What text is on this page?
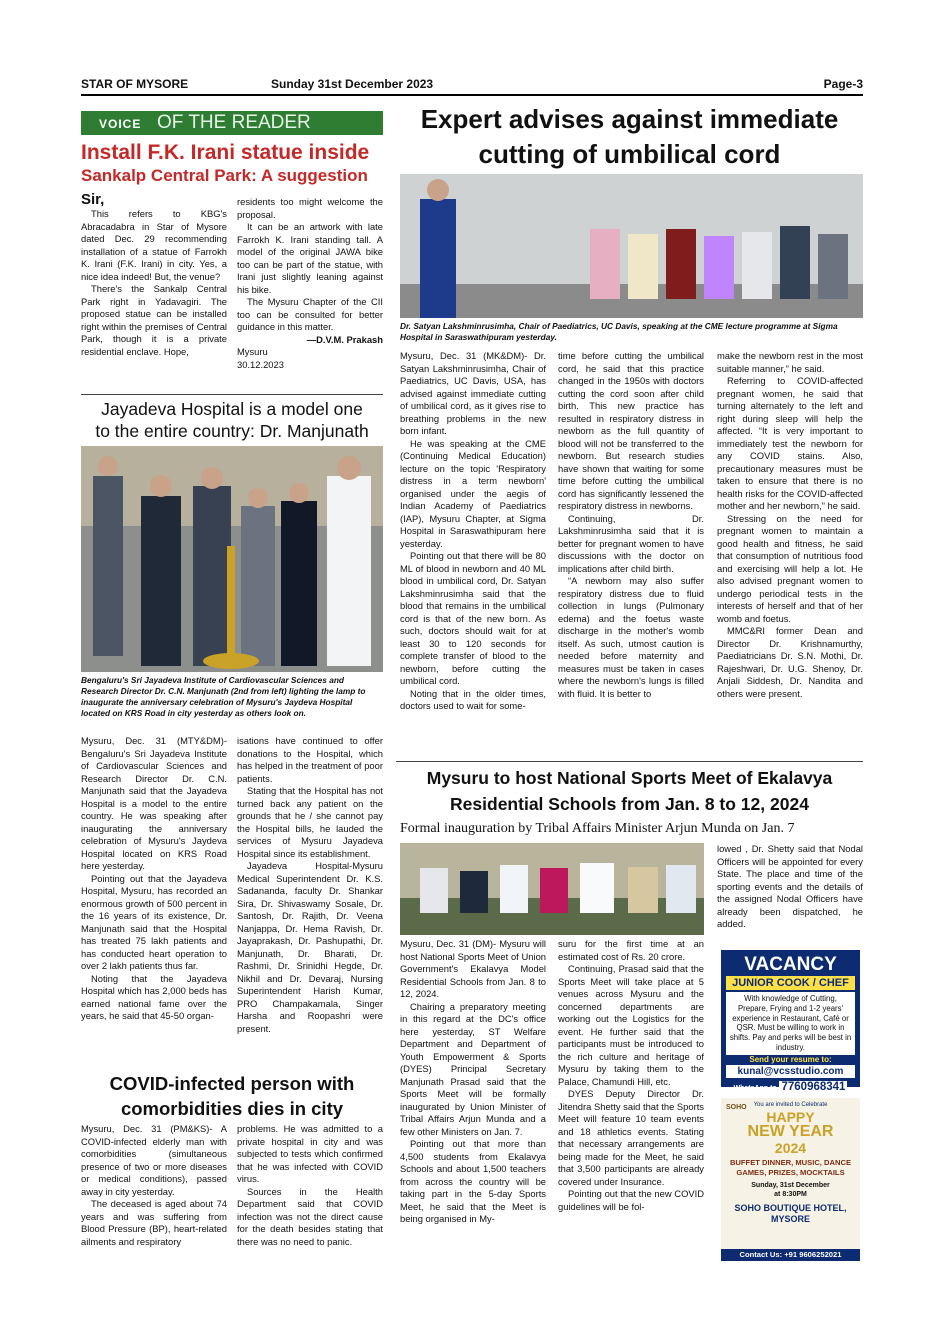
STAR OF MYSORE	Sunday 31st December 2023	Page-3
VOICE OF THE READER
Install F.K. Irani statue inside
Sankalp Central Park: A suggestion

Sir,

This refers to KBG's Abracadabra in Star of Mysore dated Dec. 29 recommending installation of a statue of Farrokh K. Irani (F.K. Irani) in city. Yes, a nice idea indeed! But, the venue?

There's the Sankalp Central Park right in Yadavagiri. The proposed statue can be installed right within the premises of Central Park, though it is a private residential enclave. Hope,

residents too might welcome the proposal.

It can be an artwork with late Farrokh K. Irani standing tall. A model of the original JAWA bike too can be part of the statue, with Irani just slightly leaning against his bike.

The Mysuru Chapter of the CII too can be consulted for better guidance in this matter.

—D.V.M. Prakash

Mysuru

30.12.2023

Jayadeva Hospital is a model one
to the entire country: Dr. Manjunath
Bengaluru's Sri Jayadeva Institute of Cardiovascular Sciences and Research Director Dr. C.N. Manjunath (2nd from left) lighting the lamp to inaugurate the anniversary celebration of Mysuru's Jaydeva Hospital located on KRS Road in city yesterday as others look on.

Mysuru, Dec. 31 (MTY&DM)- Bengaluru's Sri Jayadeva Institute of Cardiovascular Sciences and Research Director Dr. C.N. Manjunath said that the Jayadeva Hospital is a model to the entire country. He was speaking after inaugurating the anniversary celebration of Mysuru's Jaydeva Hospital located on KRS Road here yesterday.

Pointing out that the Jayadeva Hospital, Mysuru, has recorded an enormous growth of 500 percent in the 16 years of its existence, Dr. Manjunath said that the Hospital has treated 75 lakh patients and has conducted heart operation to over 2 lakh patients thus far.

Noting that the Jayadeva Hospital which has 2,000 beds has earned national fame over the years, he said that 45-50 organ-

isations have continued to offer donations to the Hospital, which has helped in the treatment of poor patients.

Stating that the Hospital has not turned back any patient on the grounds that he / she cannot pay the Hospital bills, he lauded the services of Mysuru Jayadeva Hospital since its establishment.

Jayadeva Hospital-Mysuru Medical Superintendent Dr. K.S. Sadananda, faculty Dr. Shankar Sira, Dr. Shivaswamy Sosale, Dr. Santosh, Dr. Rajith, Dr. Veena Nanjappa, Dr. Hema Ravish, Dr. Jayaprakash, Dr. Pashupathi, Dr. Manjunath, Dr. Bharati, Dr. Rashmi, Dr. Srinidhi Hegde, Dr. Nikhil and Dr. Devaraj, Nursing Superintendent Harish Kumar, PRO Champakamala, Singer Harsha and Roopashri were present.

COVID-infected person with
comorbidities dies in city

Mysuru, Dec. 31 (PM&KS)- A COVID-infected elderly man with comorbidities (simultaneous presence of two or more diseases or medical conditions), passed away in city yesterday.

The deceased is aged about 74 years and was suffering from Blood Pressure (BP), heart-related ailments and respiratory

problems. He was admitted to a private hospital in city and was subjected to tests which confirmed that he was infected with COVID virus.

Sources in the Health Department said that COVID infection was not the direct cause for the death besides stating that there was no need to panic.

Expert advises against immediate
cutting of umbilical cord
Dr. Satyan Lakshminrusimha, Chair of Paediatrics, UC Davis, speaking at the CME lecture programme at Sigma Hospital in Saraswathipuram yesterday.

Mysuru, Dec. 31 (MK&DM)- Dr. Satyan Lakshminrusimha, Chair of Paediatrics, UC Davis, USA, has advised against immediate cutting of umbilical cord, as it gives rise to breathing problems in the new born infant.

He was speaking at the CME (Continuing Medical Education) lecture on the topic 'Respiratory distress in a term newborn' organised under the aegis of Indian Academy of Paediatrics (IAP), Mysuru Chapter, at Sigma Hospital in Saraswathipuram here yesterday.

Pointing out that there will be 80 ML of blood in newborn and 40 ML blood in umbilical cord, Dr. Satyan Lakshminrusimha said that the blood that remains in the umbilical cord is that of the new born. As such, doctors should wait for at least 30 to 120 seconds for complete transfer of blood to the newborn, before cutting the umbilical cord.

Noting that in the older times, doctors used to wait for some-

time before cutting the umbilical cord, he said that this practice changed in the 1950s with doctors cutting the cord soon after child birth. This new practice has resulted in respiratory distress in newborn as the full quantity of blood will not be transferred to the newborn. But research studies have shown that waiting for some time before cutting the umbilical cord has significantly lessened the respiratory distress in newborns.

Continuing, Dr. Lakshminrusimha said that it is better for pregnant women to have discussions with the doctor on implications after child birth.

“A newborn may also suffer respiratory distress due to fluid collection in lungs (Pulmonary edema) and the foetus waste discharge in the mother's womb itself. As such, utmost caution is needed before maternity and measures must be taken in cases where the newborn's lungs is filled with fluid. It is better to

make the newborn rest in the most suitable manner,” he said.

Referring to COVID-affected pregnant women, he said that turning alternately to the left and right during sleep will help the affected. “It is very important to immediately test the newborn for any COVID stains. Also, precautionary measures must be taken to ensure that there is no health risks for the COVID-affected mother and her newborn,” he said.

Stressing on the need for pregnant women to maintain a good health and fitness, he said that consumption of nutritious food and exercising will help a lot. He also advised pregnant women to undergo periodical tests in the interests of herself and that of her womb and foetus.

MMC&RI former Dean and Director Dr. Krishnamurthy, Paediatricians Dr. S.N. Mothi, Dr. Rajeshwari, Dr. U.G. Shenoy, Dr. Anjali Siddesh, Dr. Nandita and others were present.

Mysuru to host National Sports Meet of Ekalavya
Residential Schools from Jan. 8 to 12, 2024
Formal inauguration by Tribal Affairs Minister Arjun Munda on Jan. 7

lowed , Dr. Shetty said that Nodal Officers will be appointed for every State. The place and time of the sporting events and the details of the assigned Nodal Officers have already been dispatched, he added.

Mysuru, Dec. 31 (DM)- Mysuru will host National Sports Meet of Union Government's Ekalavya Model Residential Schools from Jan. 8 to 12, 2024.

Chairing a preparatory meeting in this regard at the DC's office here yesterday, ST Welfare Department and Department of Youth Empowerment & Sports (DYES) Principal Secretary Manjunath Prasad said that the Sports Meet will be formally inaugurated by Union Minister of Tribal Affairs Arjun Munda and a few other Ministers on Jan. 7.

Pointing out that more than 4,500 students from Ekalavya Schools and about 1,500 teachers from across the country will be taking part in the 5-day Sports Meet, he said that the Meet is being organised in My-

suru for the first time at an estimated cost of Rs. 20 crore.

Continuing, Prasad said that the Sports Meet will take place at 5 venues across Mysuru and the concerned departments are working out the Logistics for the event. He further said that the participants must be introduced to the rich culture and heritage of Mysuru by taking them to the Palace, Chamundi Hill, etc.

DYES Deputy Director Dr. Jitendra Shetty said that the Sports Meet will feature 10 team events and 18 athletics events. Stating that necessary arrangements are being made for the Meet, he said that 3,500 participants are already covered under Insurance.

Pointing out that the new COVID guidelines will be fol-

VACANCY
JUNIOR COOK / CHEF
With knowledge of Cutting, Prepare, Frying and 1-2 years' experience in Restaurant, Café or QSR. Must be willing to work in shifts. Pay and perks will be best in industry.
Send your resume to:
kunal@vcsstudio.com
WhatsApp to 7760968341
You are invited to Celebrate
SOHO
HAPPY
NEW YEAR
2024
BUFFET DINNER, MUSIC, DANCE
GAMES, PRIZES, MOCKTAILS
Sunday, 31st December
at 8:30PM
SOHO BOUTIQUE HOTEL,
MYSORE
Contact Us: +91 9606252021
